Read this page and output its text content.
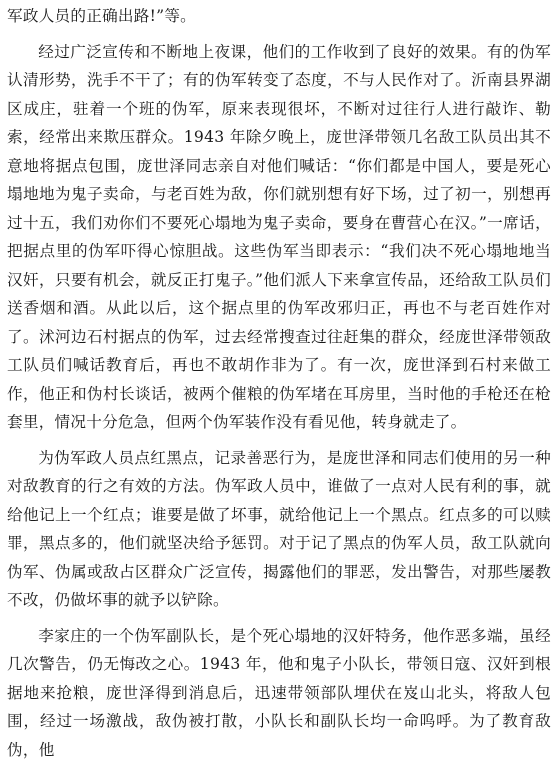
军政人员的正确出路!”等。

经过广泛宣传和不断地上夜课，他们的工作收到了良好的效果。有的伪军认清形势，洗手不干了；有的伪军转变了态度，不与人民作对了。沂南县界湖区成庄，驻着一个班的伪军，原来表现很坏，不断对过往行人进行敲诈、勒索，经常出来欺压群众。1943 年除夕晚上，庞世泽带领几名敌工队员出其不意地将据点包围，庞世泽同志亲自对他们喊话：“你们都是中国人，要是死心塌地地为鬼子卖命，与老百姓为敌，你们就别想有好下场，过了初一，别想再过十五，我们劝你们不要死心塌地为鬼子卖命，要身在曹营心在汉。”一席话，把据点里的伪军吓得心惊胆战。这些伪军当即表示：“我们决不死心塌地地当汉奸，只要有机会，就反正打鬼子。”他们派人下来拿宣传品，还给敌工队员们送香烟和酒。从此以后，这个据点里的伪军改邪归正，再也不与老百姓作对了。沭河边石村据点的伪军，过去经常搜查过往赶集的群众，经庞世泽带领敌工队员们喊话教育后，再也不敢胡作非为了。有一次，庞世泽到石村来做工作，他正和伪村长谈话，被两个催粮的伪军堵在耳房里，当时他的手枪还在枪套里，情况十分危急，但两个伪军装作没有看见他，转身就走了。

为伪军政人员点红黑点，记录善恶行为，是庞世泽和同志们使用的另一种对敌教育的行之有效的方法。伪军政人员中，谁做了一点对人民有利的事，就给他记上一个红点；谁要是做了坏事，就给他记上一个黑点。红点多的可以赎罪，黑点多的，他们就坚决给予惩罚。对于记了黑点的伪军人员，敌工队就向伪军、伪属或敌占区群众广泛宣传，揭露他们的罪恶，发出警告，对那些屡教不改，仍做坏事的就予以铲除。

李家庄的一个伪军副队长，是个死心塌地的汉奸特务，他作恶多端，虽经几次警告，仍无悔改之心。1943 年，他和鬼子小队长，带领日寇、汉奸到根据地来抢粮，庞世泽得到消息后，迅速带领部队埋伏在岌山北头，将敌人包围，经过一场激战，敌伪被打散，小队长和副队长均一命呜呼。为了教育敌伪，他
